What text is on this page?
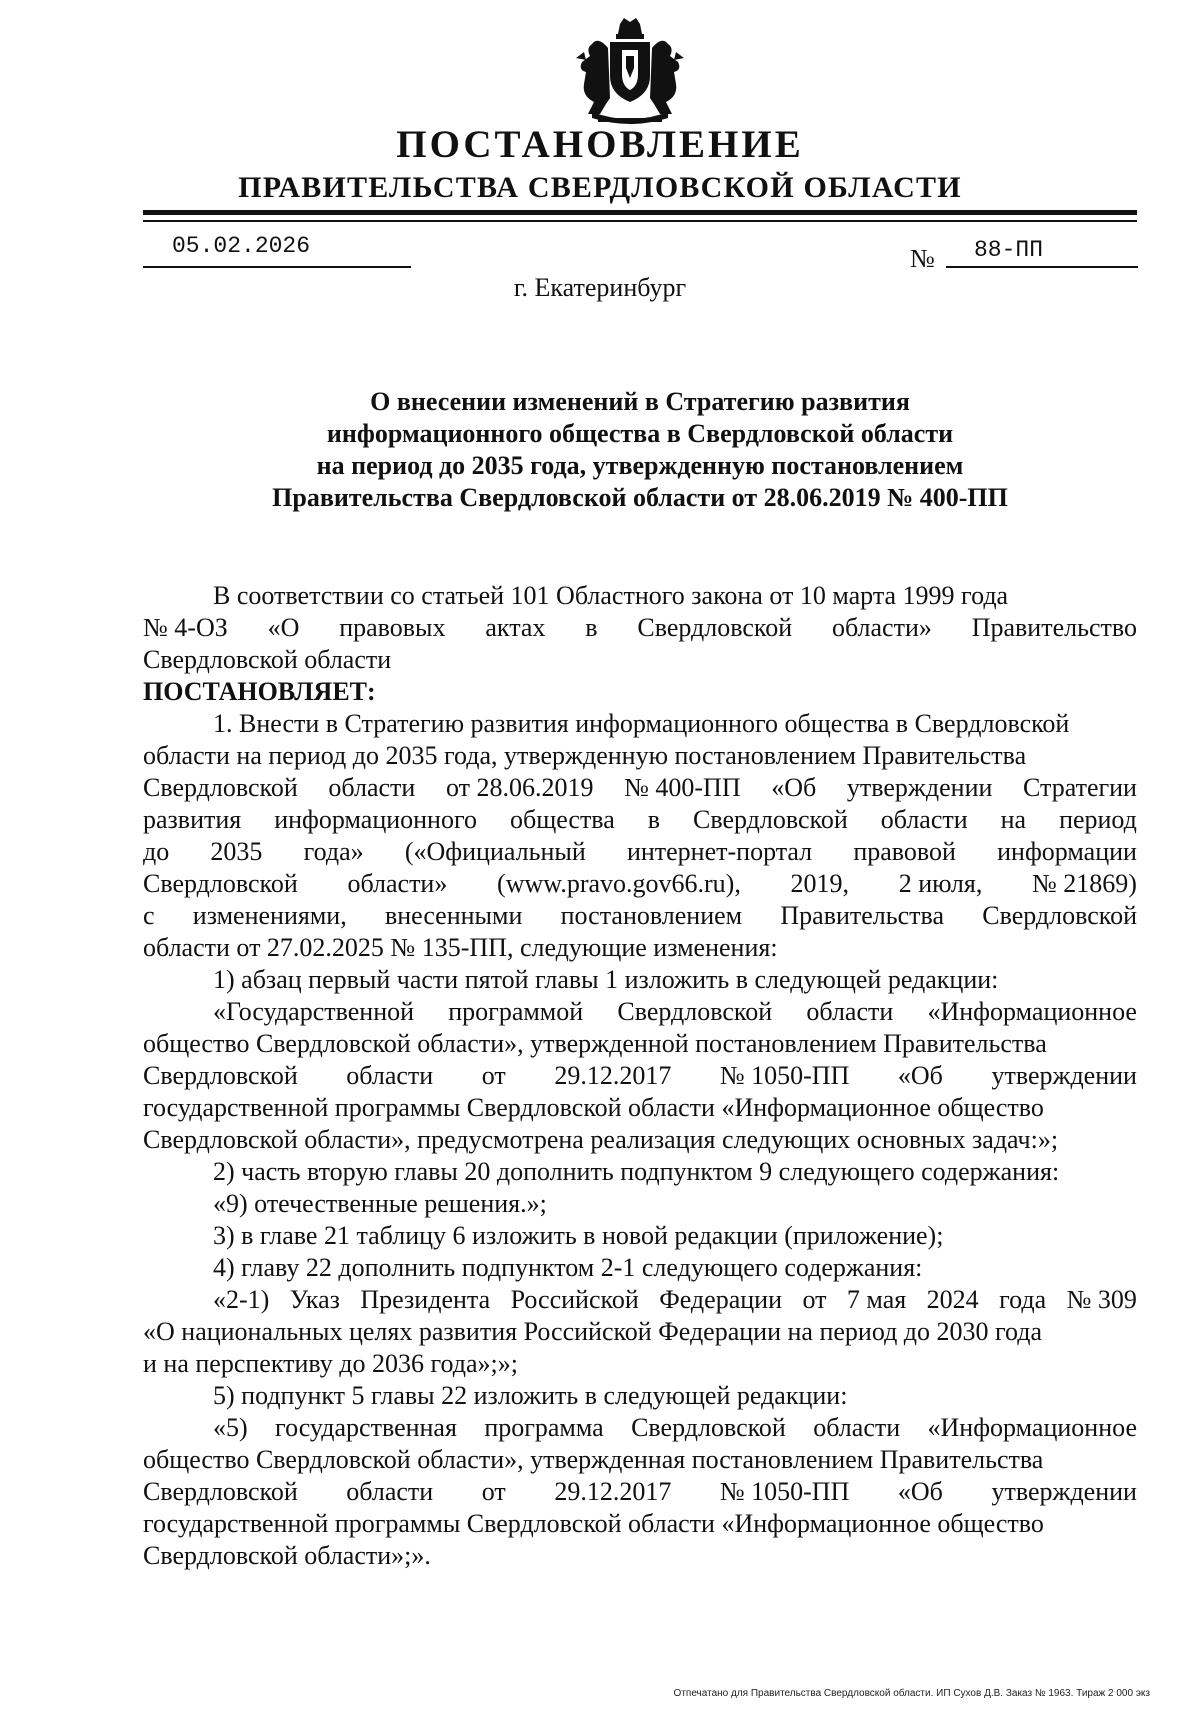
ПОСТАНОВЛЕНИЕ
ПРАВИТЕЛЬСТВА СВЕРДЛОВСКОЙ ОБЛАСТИ
05.02.2026	№ 88-ПП
г. Екатеринбург
О внесении изменений в Стратегию развития
информационного общества в Свердловской области
на период до 2035 года, утвержденную постановлением
Правительства Свердловской области от 28.06.2019 № 400-ПП
В соответствии со статьей 101 Областного закона от 10 марта 1999 года
№ 4-ОЗ «О правовых актах в Свердловской области» Правительство
Свердловской области
ПОСТАНОВЛЯЕТ:
1. Внести в Стратегию развития информационного общества в Свердловской
области на период до 2035 года, утвержденную постановлением Правительства
Свердловской области от 28.06.2019 № 400-ПП «Об утверждении Стратегии
развития информационного общества в Свердловской области на период
до 2035 года» («Официальный интернет-портал правовой информации
Свердловской области» (www.pravo.gov66.ru), 2019, 2 июля, № 21869)
с изменениями, внесенными постановлением Правительства Свердловской
области от 27.02.2025 № 135-ПП, следующие изменения:
1) абзац первый части пятой главы 1 изложить в следующей редакции:
«Государственной программой Свердловской области «Информационное
общество Свердловской области», утвержденной постановлением Правительства
Свердловской области от 29.12.2017 № 1050-ПП «Об утверждении
государственной программы Свердловской области «Информационное общество
Свердловской области», предусмотрена реализация следующих основных задач:»;
2) часть вторую главы 20 дополнить подпунктом 9 следующего содержания:
«9) отечественные решения.»;
3) в главе 21 таблицу 6 изложить в новой редакции (приложение);
4) главу 22 дополнить подпунктом 2-1 следующего содержания:
«2-1) Указ Президента Российской Федерации от 7 мая 2024 года № 309
«О национальных целях развития Российской Федерации на период до 2030 года
и на перспективу до 2036 года»;»;
5) подпункт 5 главы 22 изложить в следующей редакции:
«5) государственная программа Свердловской области «Информационное
общество Свердловской области», утвержденная постановлением Правительства
Свердловской области от 29.12.2017 № 1050-ПП «Об утверждении
государственной программы Свердловской области «Информационное общество
Свердловской области»;».
Отпечатано для Правительства Свердловской области. ИП Сухов Д.В. Заказ № 1963. Тираж 2 000 экз
